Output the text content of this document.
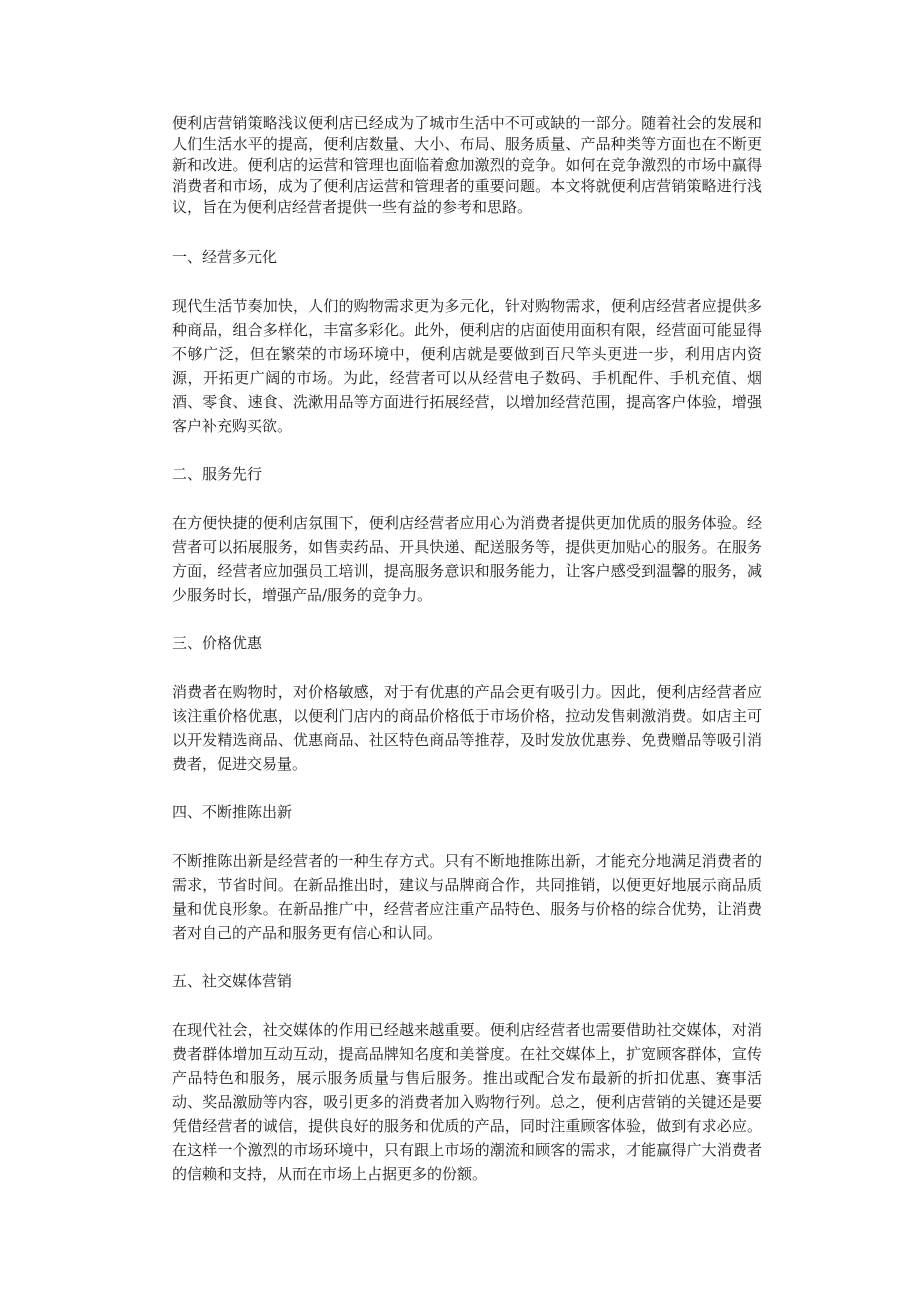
便利店营销策略浅议便利店已经成为了城市生活中不可或缺的一部分。随着社会的发展和人们生活水平的提高，便利店数量、大小、布局、服务质量、产品种类等方面也在不断更新和改进。便利店的运营和管理也面临着愈加激烈的竞争。如何在竞争激烈的市场中赢得消费者和市场，成为了便利店运营和管理者的重要问题。本文将就便利店营销策略进行浅议，旨在为便利店经营者提供一些有益的参考和思路。

一、经营多元化

现代生活节奏加快，人们的购物需求更为多元化，针对购物需求，便利店经营者应提供多种商品，组合多样化，丰富多彩化。此外，便利店的店面使用面积有限，经营面可能显得不够广泛，但在繁荣的市场环境中，便利店就是要做到百尺竿头更进一步，利用店内资源，开拓更广阔的市场。为此，经营者可以从经营电子数码、手机配件、手机充值、烟酒、零食、速食、洗漱用品等方面进行拓展经营，以增加经营范围，提高客户体验，增强客户补充购买欲。

二、服务先行

在方便快捷的便利店氛围下，便利店经营者应用心为消费者提供更加优质的服务体验。经营者可以拓展服务，如售卖药品、开具快递、配送服务等，提供更加贴心的服务。在服务方面，经营者应加强员工培训，提高服务意识和服务能力，让客户感受到温馨的服务，减少服务时长，增强产品/服务的竞争力。

三、价格优惠

消费者在购物时，对价格敏感，对于有优惠的产品会更有吸引力。因此，便利店经营者应该注重价格优惠，以便利门店内的商品价格低于市场价格，拉动发售刺激消费。如店主可以开发精选商品、优惠商品、社区特色商品等推荐，及时发放优惠券、免费赠品等吸引消费者，促进交易量。

四、不断推陈出新

不断推陈出新是经营者的一种生存方式。只有不断地推陈出新，才能充分地满足消费者的需求，节省时间。在新品推出时，建议与品牌商合作，共同推销，以便更好地展示商品质量和优良形象。在新品推广中，经营者应注重产品特色、服务与价格的综合优势，让消费者对自己的产品和服务更有信心和认同。

五、社交媒体营销

在现代社会，社交媒体的作用已经越来越重要。便利店经营者也需要借助社交媒体，对消费者群体增加互动互动，提高品牌知名度和美誉度。在社交媒体上，扩宽顾客群体，宣传产品特色和服务，展示服务质量与售后服务。推出或配合发布最新的折扣优惠、赛事活动、奖品激励等内容，吸引更多的消费者加入购物行列。总之，便利店营销的关键还是要凭借经营者的诚信，提供良好的服务和优质的产品，同时注重顾客体验，做到有求必应。在这样一个激烈的市场环境中，只有跟上市场的潮流和顾客的需求，才能赢得广大消费者的信赖和支持，从而在市场上占据更多的份额。
